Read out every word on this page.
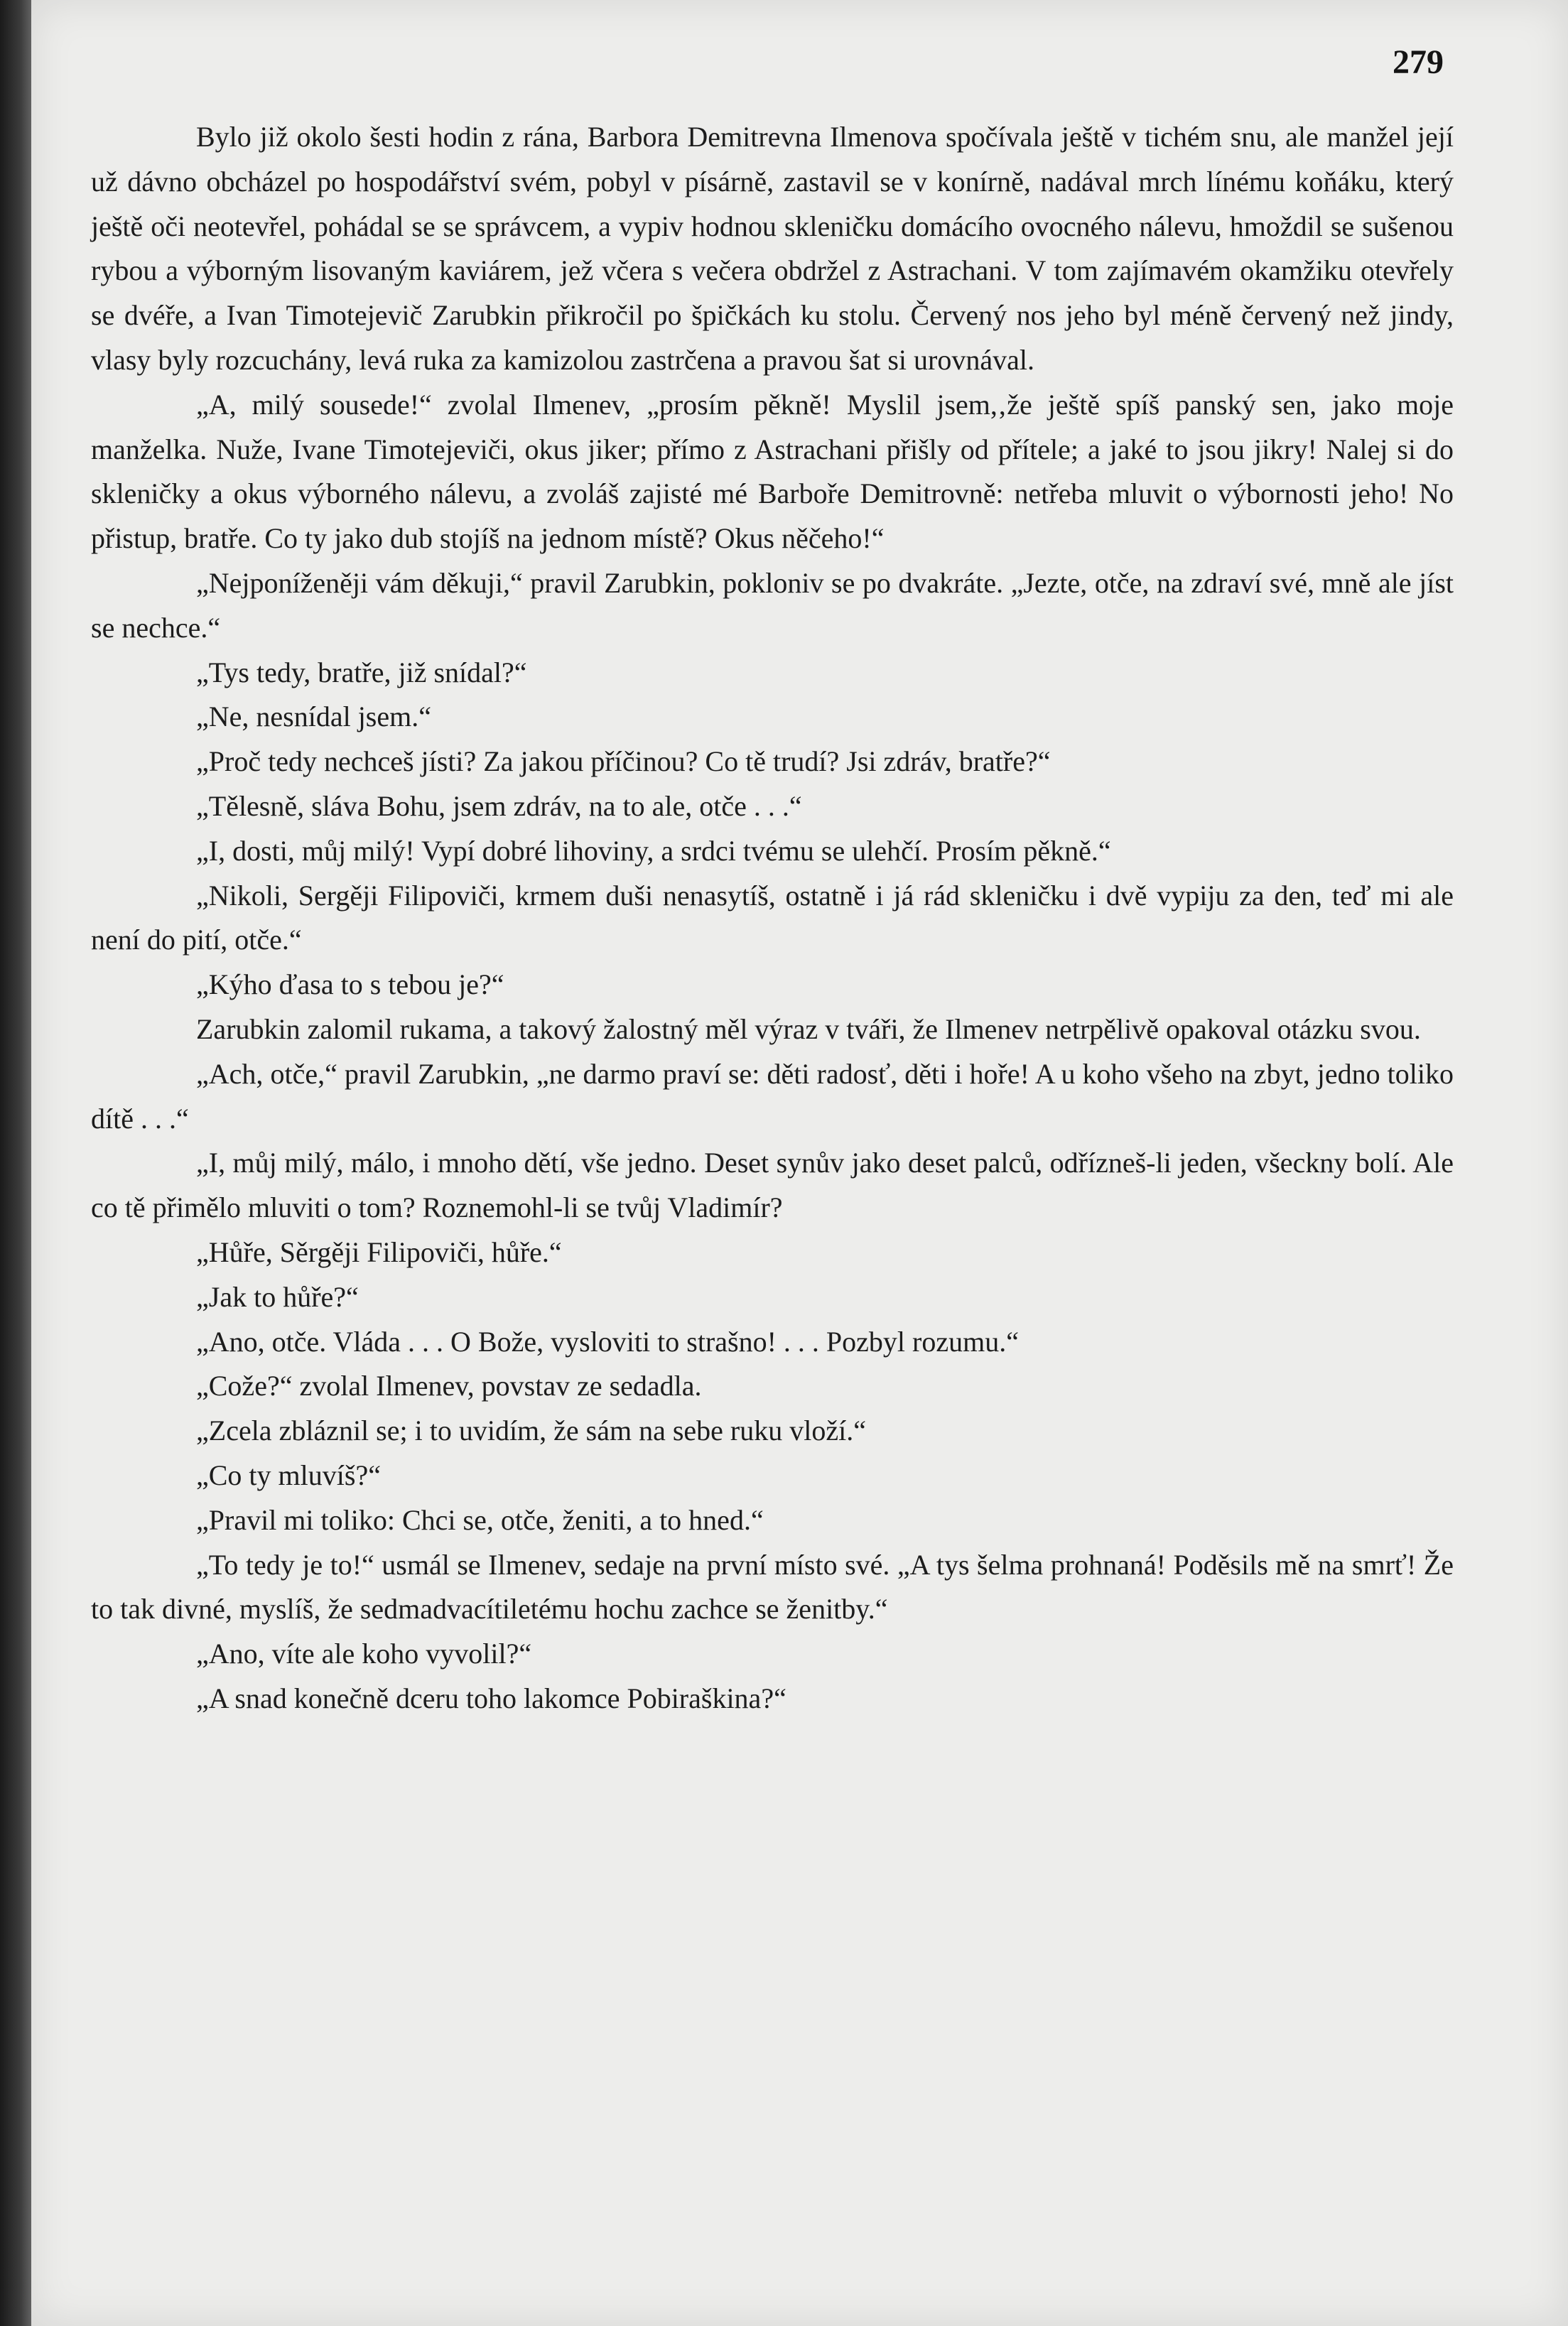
279

Bylo již okolo šesti hodin z rána, Barbora Demitrevna Ilmenova spočívala ještě v tichém snu, ale manžel její už dávno obcházel po hospodářství svém, pobyl v písárně, zastavil se v konírně, nadával mrch línému koňáku, který ještě oči neotevřel, pohádal se se správcem, a vypiv hodnou skleničku domácího ovocného nálevu, hmoždil se sušenou rybou a výborným lisovaným kaviárem, jež včera s večera obdržel z Astrachani. V tom zajímavém okamžiku otevřely se dvéře, a Ivan Timotejevič Zarubkin přikročil po špičkách ku stolu. Červený nos jeho byl méně červený než jindy, vlasy byly rozcuchány, levá ruka za kamizolou zastrčena a pravou šat si urovnával.

„A, milý sousede!“ zvolal Ilmenev, „prosím pěkně! Myslil jsem,‚že ještě spíš panský sen, jako moje manželka. Nuže, Ivane Timotejeviči, okus jiker; přímo z Astrachani přišly od přítele; a jaké to jsou jikry! Nalej si do skleničky a okus výborného nálevu, a zvoláš zajisté mé Barboře Demitrovně: netřeba mluvit o výbornosti jeho! No přistup, bratře. Co ty jako dub stojíš na jednom místě? Okus něčeho!“

„Nejponíženěji vám děkuji,“ pravil Zarubkin, pokloniv se po dvakráte. „Jezte, otče, na zdraví své, mně ale jíst se nechce.“

„Tys tedy, bratře, již snídal?“

„Ne, nesnídal jsem.“

„Proč tedy nechceš jísti? Za jakou příčinou? Co tě trudí? Jsi zdráv, bratře?“

„Tělesně, sláva Bohu, jsem zdráv, na to ale, otče . . .“

„I, dosti, můj milý! Vypí dobré lihoviny, a srdci tvému se ulehčí. Prosím pěkně.“

„Nikoli, Sergěji Filipoviči, krmem duši nenasytíš, ostatně i já rád skleničku i dvě vypiju za den, teď mi ale není do pití, otče.“

„Kýho ďasa to s tebou je?“

Zarubkin zalomil rukama, a takový žalostný měl výraz v tváři, že Ilmenev netrpělivě opakoval otázku svou.

„Ach, otče,“ pravil Zarubkin, „ne darmo praví se: děti radosť, děti i hoře! A u koho všeho na zbyt, jedno toliko dítě . . .“

„I, můj milý, málo, i mnoho dětí, vše jedno. Deset synův jako deset palců, odřízneš-li jeden, všeckny bolí. Ale co tě přimělo mluviti o tom? Roznemohl-li se tvůj Vladimír?

„Hůře, Sěrgěji Filipoviči, hůře.“

„Jak to hůře?“

„Ano, otče. Vláda . . . O Bože, vysloviti to strašno! . . . Pozbyl rozumu.“

„Cože?“ zvolal Ilmenev, povstav ze sedadla.

„Zcela zbláznil se; i to uvidím, že sám na sebe ruku vloží.“

„Co ty mluvíš?“

„Pravil mi toliko: Chci se, otče, ženiti, a to hned.“

„To tedy je to!“ usmál se Ilmenev, sedaje na první místo své. „A tys šelma prohnaná! Poděsils mě na smrť! Že to tak divné, myslíš, že sedmadvacítiletému hochu zachce se ženitby.“

„Ano, víte ale koho vyvolil?“

„A snad konečně dceru toho lakomce Pobiraškina?“
